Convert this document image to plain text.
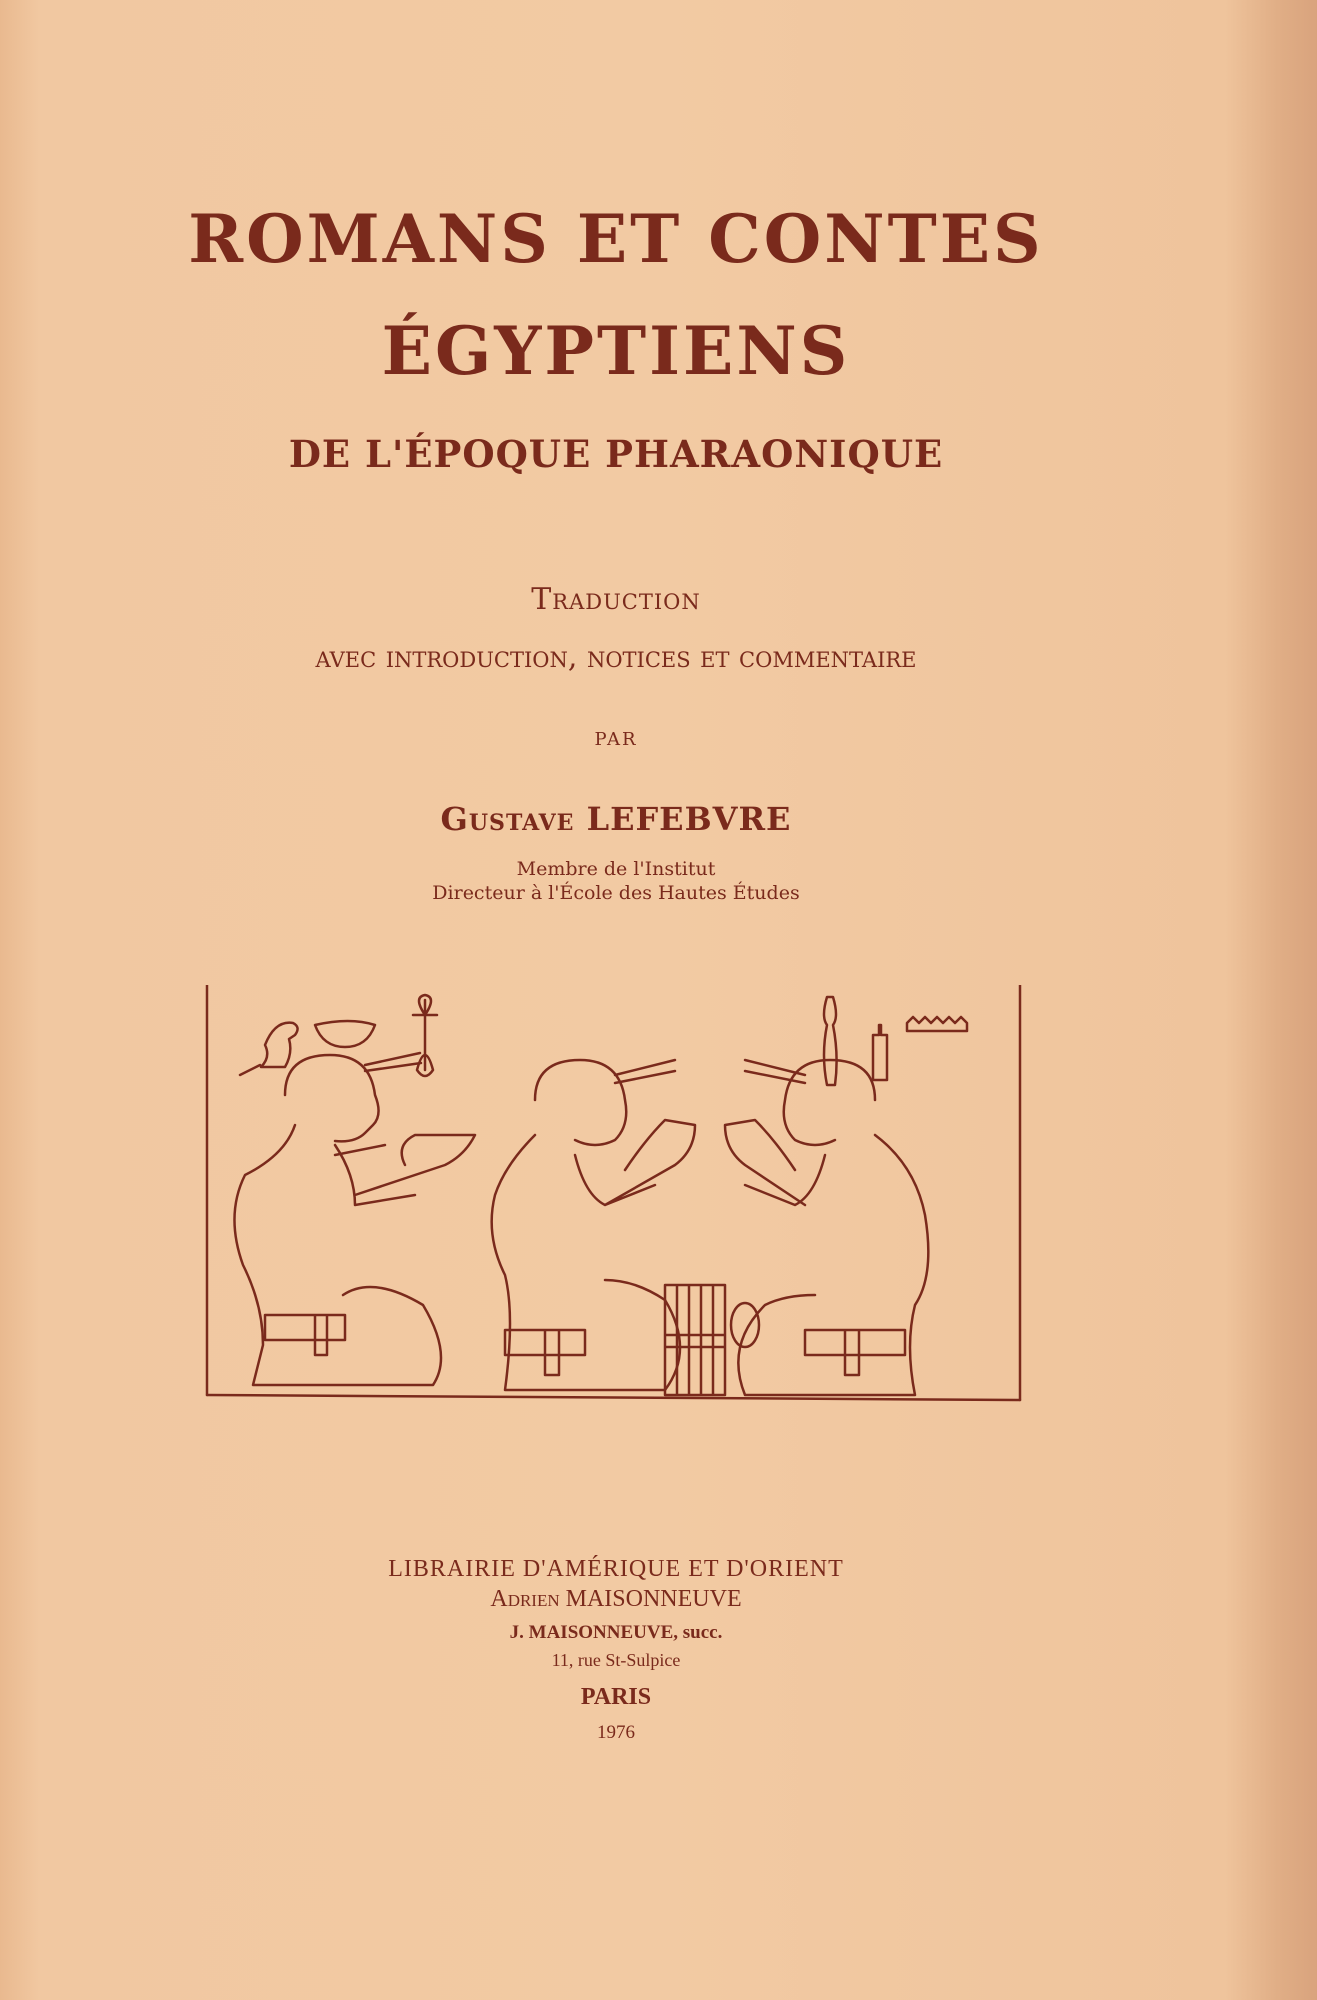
ROMANS ET CONTES
ÉGYPTIENS
DE L'ÉPOQUE PHARAONIQUE
Traduction
avec introduction, notices et commentaire
par
Gustave LEFEBVRE
Membre de l'Institut
Directeur à l'École des Hautes Études
LIBRAIRIE D'AMÉRIQUE ET D'ORIENT
Adrien MAISONNEUVE
J. MAISONNEUVE, succ.
11, rue St-Sulpice
PARIS
1976
